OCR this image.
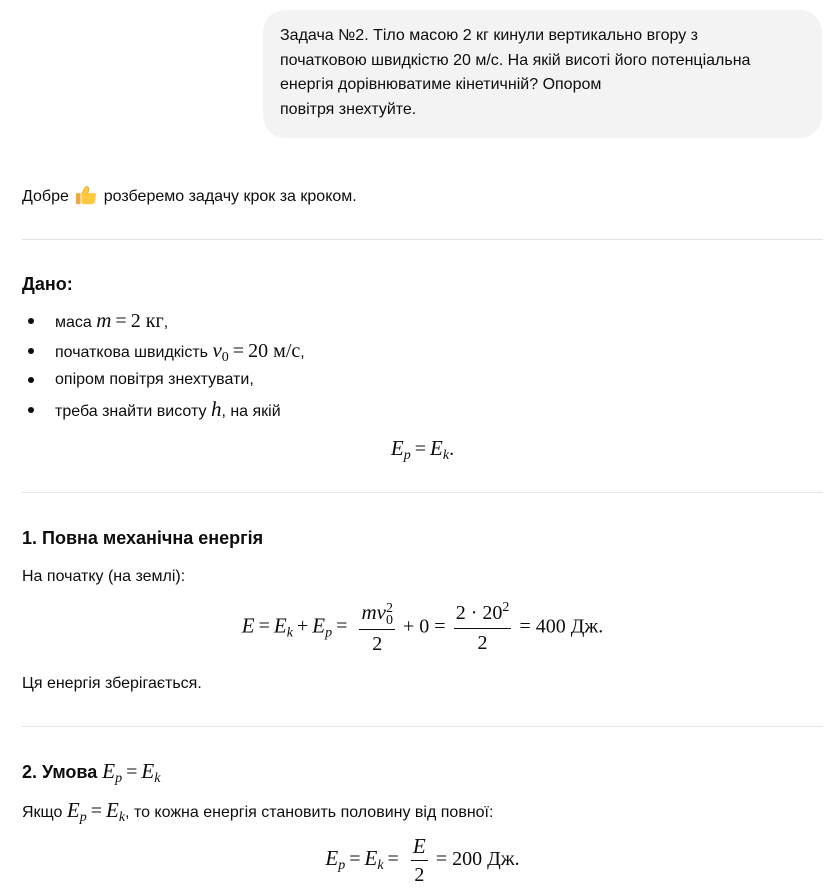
Задача №2. Тіло масою 2 кг кинули вертикально вгору з
початковою швидкістю 20 м/с. На якій висоті його потенціальна
енергія дорівнюватиме кінетичній? Опором
повітря знехтуйте.
Добре розберемо задачу крок за кроком.
Дано:
маса m = 2 кг,
початкова швидкість $v_0 = 20$ м/с,
опіром повітря знехтувати,
треба знайти висоту h, на якій
$E_p = E_k$.
1. Повна механічна енергія
На початку (на землі):
$E = E_k + E_p$ = mv 2
0
$2 + 0 = \frac{2 \cdot 20^2}{2} = 400$ Дж.
Ця енергія зберігається.
2. Умова $E_p = E_k$
Якщо $E_p = E_k$, то кожна енергія становить половину від повної:
$E_p = E_k = \frac{E}{2} = 200$ Дж.
